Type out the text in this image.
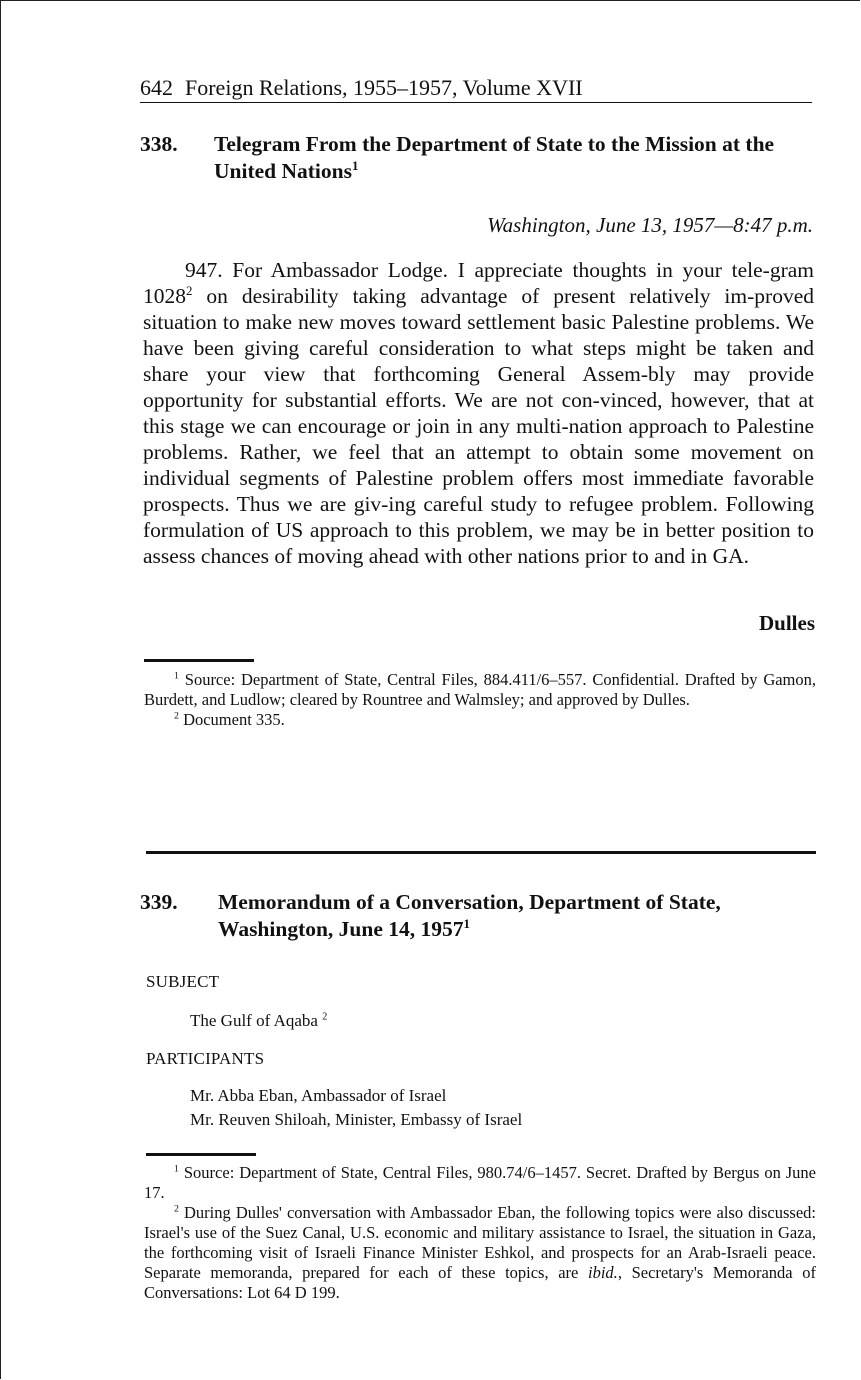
642 Foreign Relations, 1955–1957, Volume XVII
338. Telegram From the Department of State to the Mission at the United Nations$^1$
Washington, June 13, 1957—8:47 p.m.
947. For Ambassador Lodge. I appreciate thoughts in your tele-gram 1028$^2$ on desirability taking advantage of present relatively im-proved situation to make new moves toward settlement basic Palestine problems. We have been giving careful consideration to what steps might be taken and share your view that forthcoming General Assem-bly may provide opportunity for substantial efforts. We are not con-vinced, however, that at this stage we can encourage or join in any multi-nation approach to Palestine problems. Rather, we feel that an attempt to obtain some movement on individual segments of Palestine problem offers most immediate favorable prospects. Thus we are giv-ing careful study to refugee problem. Following formulation of US approach to this problem, we may be in better position to assess chances of moving ahead with other nations prior to and in GA.
Dulles

$^1$ Source: Department of State, Central Files, 884.411/6–557. Confidential. Drafted by Gamon, Burdett, and Ludlow; cleared by Rountree and Walmsley; and approved by Dulles.

$^2$ Document 335.

339. Memorandum of a Conversation, Department of State, Washington, June 14, 1957$^1$
SUBJECT
The Gulf of Aqaba $^2$
PARTICIPANTS
Mr. Abba Eban, Ambassador of Israel
Mr. Reuven Shiloah, Minister, Embassy of Israel

$^1$ Source: Department of State, Central Files, 980.74/6–1457. Secret. Drafted by Bergus on June 17.

$^2$ During Dulles' conversation with Ambassador Eban, the following topics were also discussed: Israel's use of the Suez Canal, U.S. economic and military assistance to Israel, the situation in Gaza, the forthcoming visit of Israeli Finance Minister Eshkol, and prospects for an Arab-Israeli peace. Separate memoranda, prepared for each of these topics, are ibid., Secretary's Memoranda of Conversations: Lot 64 D 199.
